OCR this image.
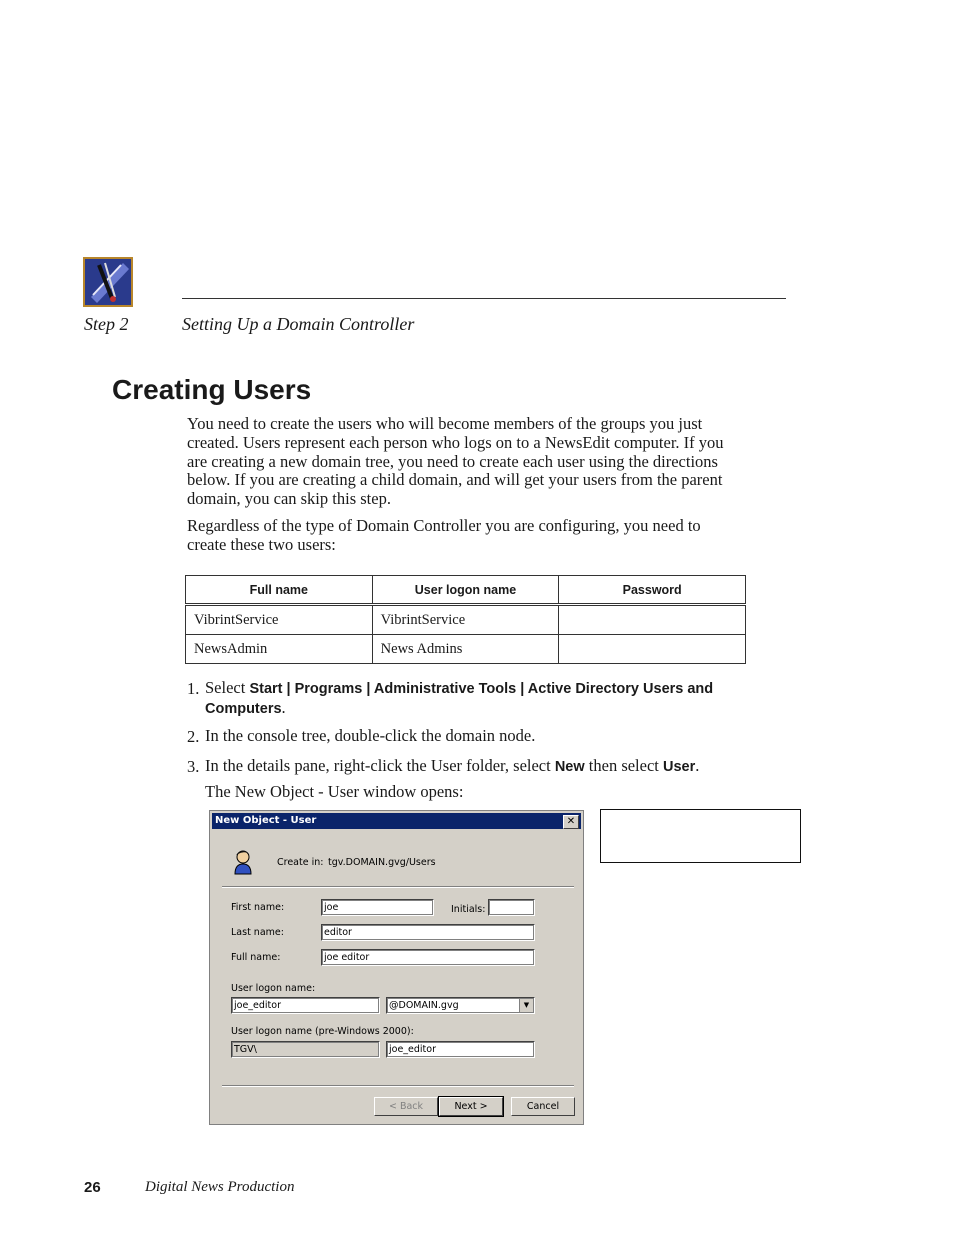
Step 2	Setting Up a Domain Controller
Creating Users

You need to create the users who will become members of the groups you just created. Users represent each person who logs on to a NewsEdit computer. If you are creating a new domain tree, you need to create each user using the directions below. If you are creating a child domain, and will get your users from the parent domain, you can skip this step.

Regardless of the type of Domain Controller you are configuring, you need to create these two users:

Full name	User logon name	Password
VibrintService	VibrintService	
NewsAdmin	News Admins	
1. Select Start | Programs | Administrative Tools | Active Directory Users and Computers.
2. In the console tree, double-click the domain node.
3. In the details pane, right-click the User folder, select New then select User.
The New Object - User window opens:
New Object - User	✕
Create in: tgv.DOMAIN.gvg/Users
First name:	joe	Initials:
Last name:	editor
Full name:	joe editor
User logon name:
joe_editor	@DOMAIN.gvg	▼
User logon name (pre-Windows 2000):
TGV\	joe_editor
< Back	Next >	Cancel
26	Digital News Production
